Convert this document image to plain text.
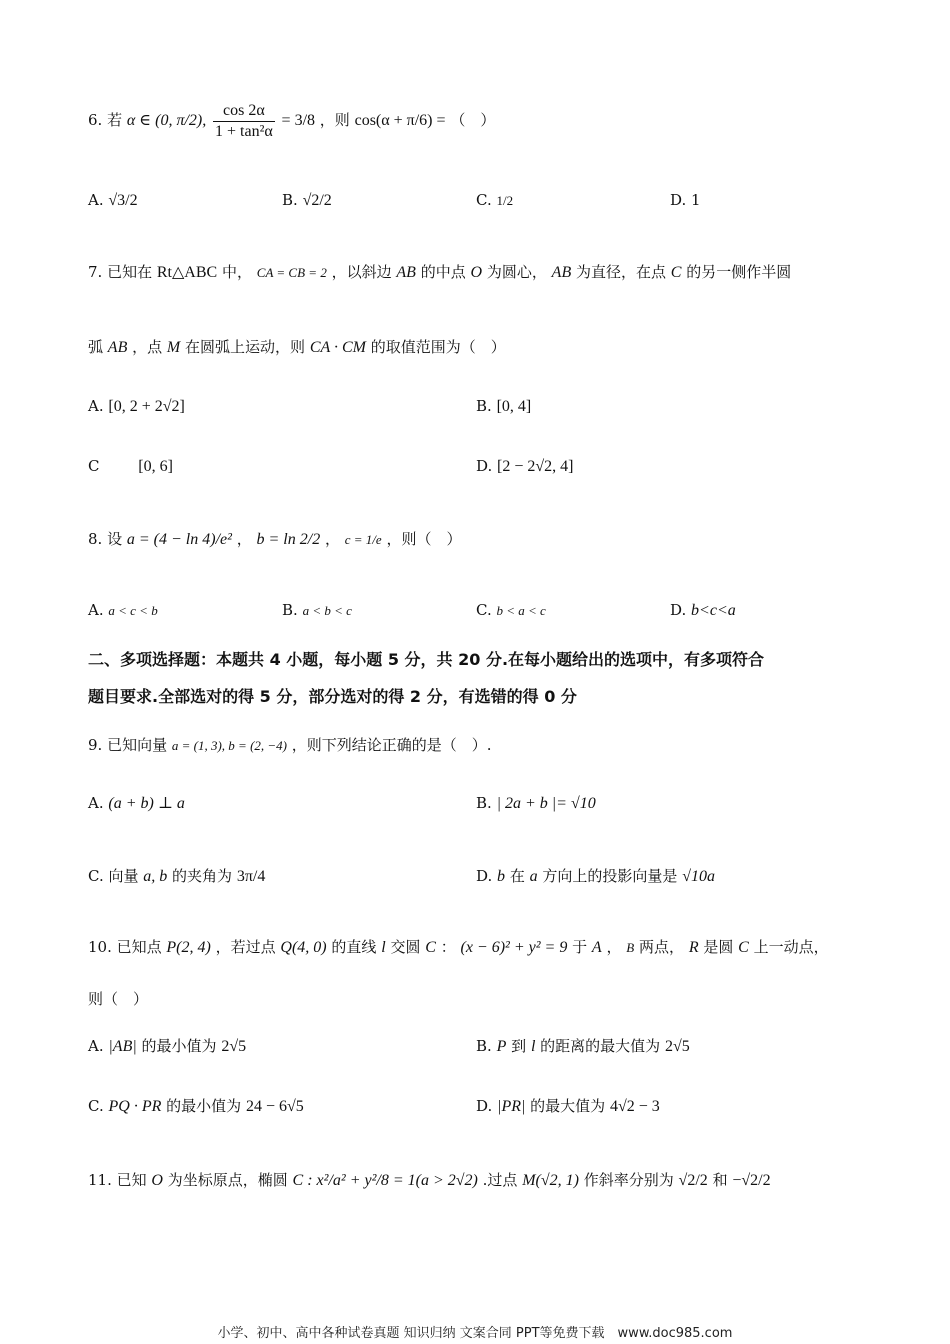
6. 若 α ∈ (0, π/2), $\frac{\cos 2\alpha}{\text{1 + tan²α}} = 3/8$ ，则 cos(α + π/6) = （　）
A. √3/2	B. √2/2	C. 1/2	D. 1
7. 已知在 Rt△ABC 中， CA = CB = 2 ，以斜边 AB 的中点 O 为圆心， AB 为直径，在点 C 的另一侧作半圆
弧 AB ，点 M 在圆弧上运动，则 CA · CM 的取值范围为（　）
A. [0, 2 + 2√2]	B. [0, 4]
C [0, 6]	D. [2 − 2√2, 4]
8. 设 a = (4 − ln 4)/e² ， b = ln 2/2 ， c = 1/e ，则（　）
A. a < c < b	B. a < b < c	C. b < a < c	D. b<c<a
二、多项选择题：本题共 4 小题，每小题 5 分，共 20 分.在每小题给出的选项中，有多项符合
题目要求.全部选对的得 5 分，部分选对的得 2 分，有选错的得 0 分
9. 已知向量 a = (1, 3), b = (2, −4) ，则下列结论正确的是（　）.
A. (a + b) ⊥ a	B. | 2a + b |= √10
C. 向量 a, b 的夹角为 3π/4	D. b 在 a 方向上的投影向量是 √10a
10. 已知点 P(2, 4) ，若过点 Q(4, 0) 的直线 l 交圆 C ： (x − 6)² + y² = 9 于 A ， B 两点， R 是圆 C 上一动点，
则（　）
A. |AB| 的最小值为 2√5	B. P 到 l 的距离的最大值为 2√5
C. PQ · PR 的最小值为 24 − 6√5	D. |PR| 的最大值为 4√2 − 3
11. 已知 O 为坐标原点，椭圆 C : x²/a² + y²/8 = 1(a > 2√2) .过点 M(√2, 1) 作斜率分别为 √2/2 和 −√2/2
小学、初中、高中各种试卷真题 知识归纳 文案合同 PPT等免费下载　www.doc985.com
